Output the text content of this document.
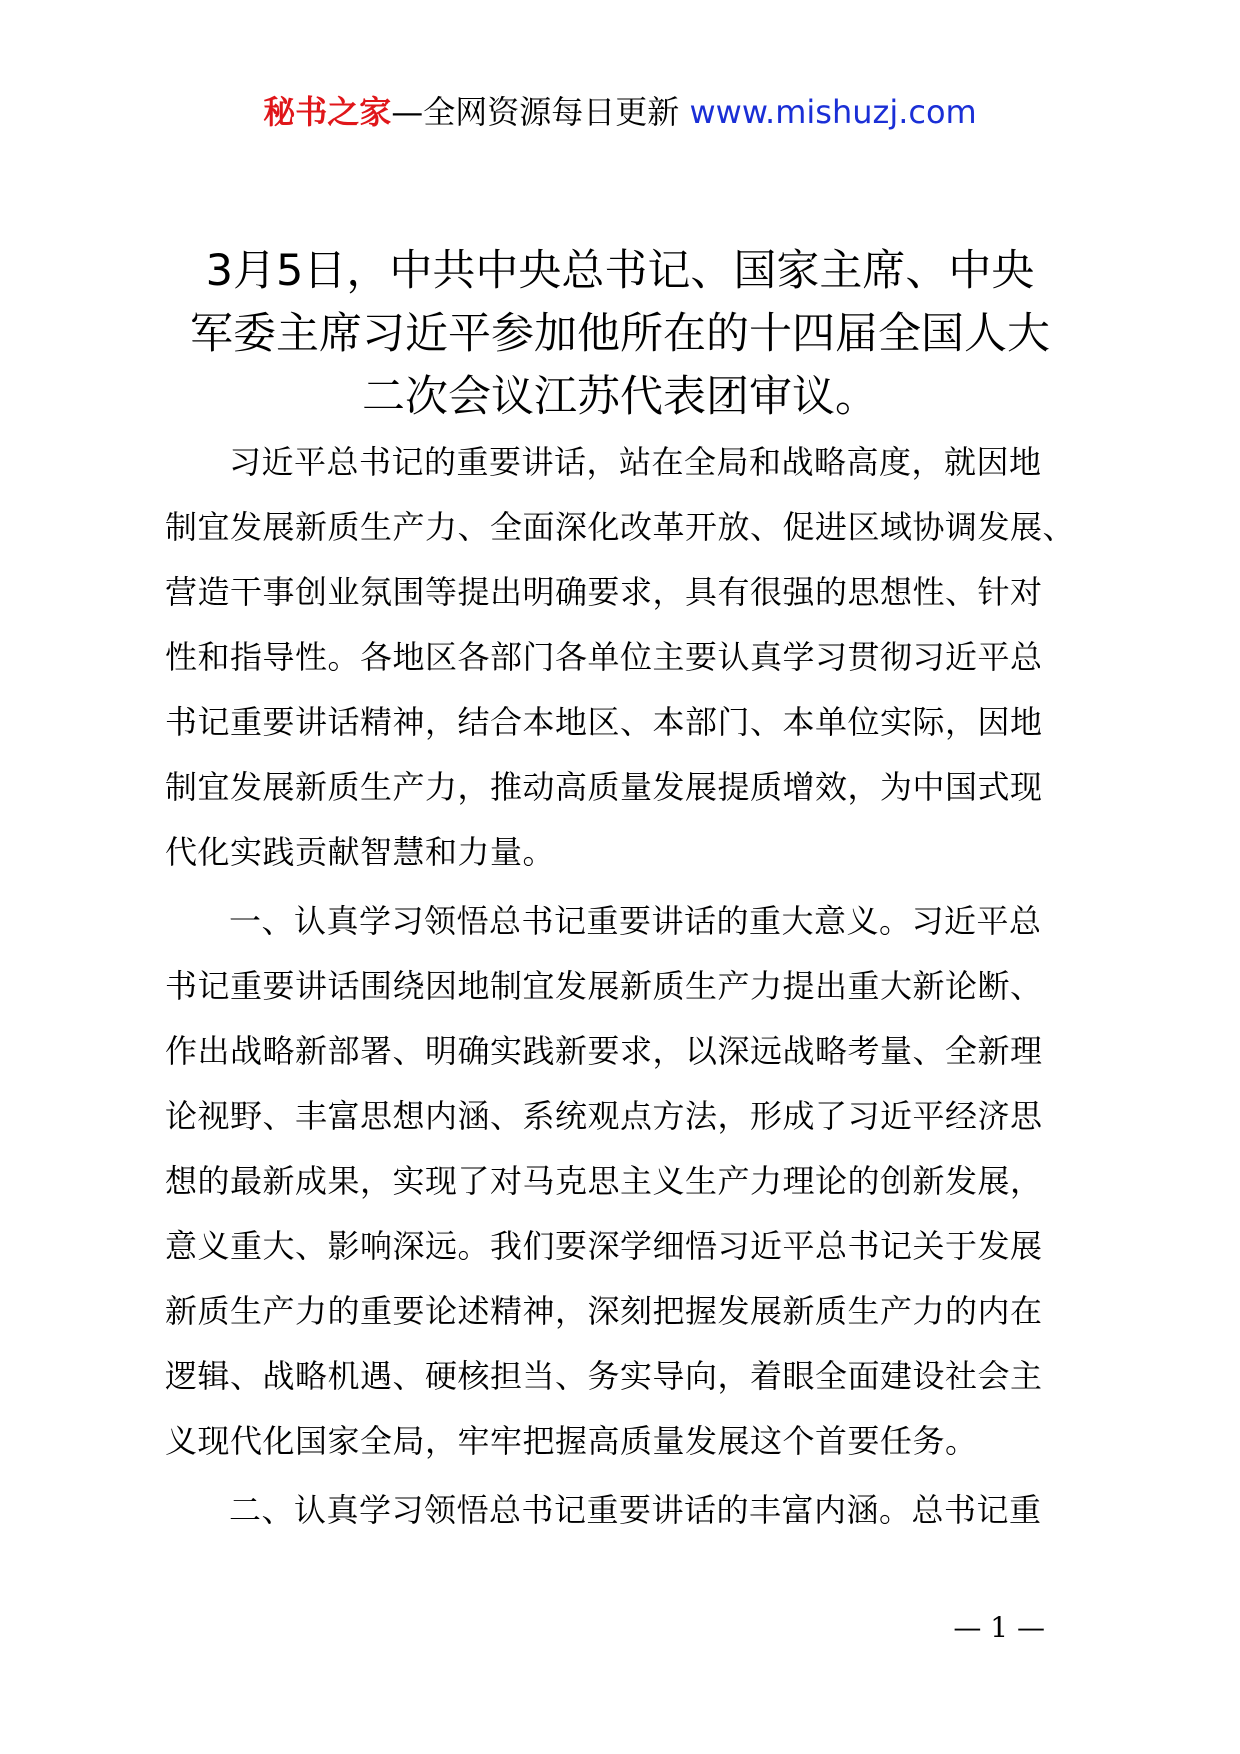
秘书之家—全网资源每日更新 www.mishuzj.com
3月5日，中共中央总书记、国家主席、中央
军委主席习近平参加他所在的十四届全国人大
二次会议江苏代表团审议。

习近平总书记的重要讲话，站在全局和战略高度，就因地
制宜发展新质生产力、全面深化改革开放、促进区域协调发展、
营造干事创业氛围等提出明确要求，具有很强的思想性、针对
性和指导性。各地区各部门各单位主要认真学习贯彻习近平总
书记重要讲话精神，结合本地区、本部门、本单位实际，因地
制宜发展新质生产力，推动高质量发展提质增效，为中国式现
代化实践贡献智慧和力量。

一、认真学习领悟总书记重要讲话的重大意义。习近平总
书记重要讲话围绕因地制宜发展新质生产力提出重大新论断、
作出战略新部署、明确实践新要求，以深远战略考量、全新理
论视野、丰富思想内涵、系统观点方法，形成了习近平经济思
想的最新成果，实现了对马克思主义生产力理论的创新发展，
意义重大、影响深远。我们要深学细悟习近平总书记关于发展
新质生产力的重要论述精神，深刻把握发展新质生产力的内在
逻辑、战略机遇、硬核担当、务实导向，着眼全面建设社会主
义现代化国家全局，牢牢把握高质量发展这个首要任务。

二、认真学习领悟总书记重要讲话的丰富内涵。总书记重

— 1 —
